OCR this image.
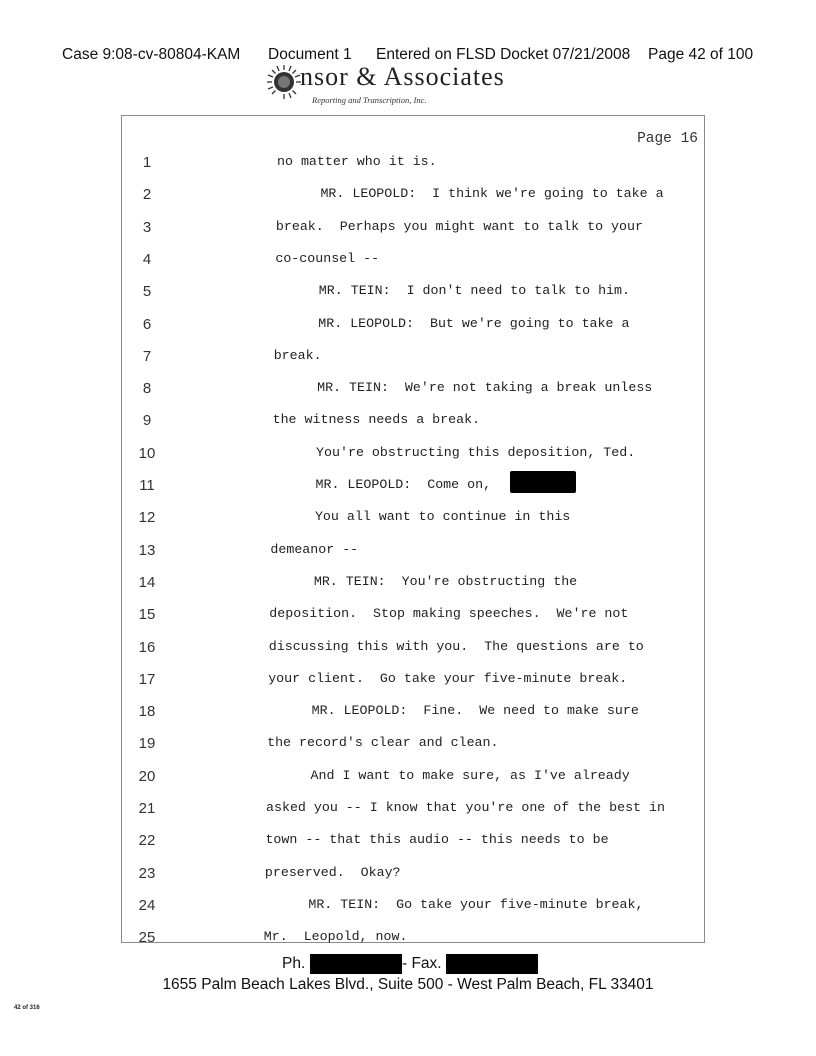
Case 9:08-cv-80804-KAM Document 1 Entered on FLSD Docket 07/21/2008 Page 42 of 100
nsor & Associates
Reporting and Transcription, Inc.
Page 16
1	no matter who it is.
2	MR. LEOPOLD:  I think we're going to take a
3	break.  Perhaps you might want to talk to your
4	co-counsel --
5	MR. TEIN:  I don't need to talk to him.
6	MR. LEOPOLD:  But we're going to take a
7	break.
8	MR. TEIN:  We're not taking a break unless
9	the witness needs a break.
10	You're obstructing this deposition, Ted.
11	MR. LEOPOLD:  Come on,
12	You all want to continue in this
13	demeanor --
14	MR. TEIN:  You're obstructing the
15	deposition.  Stop making speeches.  We're not
16	discussing this with you.  The questions are to
17	your client.  Go take your five-minute break.
18	MR. LEOPOLD:  Fine.  We need to make sure
19	the record's clear and clean.
20	And I want to make sure, as I've already
21	asked you -- I know that you're one of the best in
22	town -- that this audio -- this needs to be
23	preserved.  Okay?
24	MR. TEIN:  Go take your five-minute break,
25	Mr.  Leopold, now.
Ph.	- Fax.
1655 Palm Beach Lakes Blvd., Suite 500 - West Palm Beach, FL 33401
42 of 316
